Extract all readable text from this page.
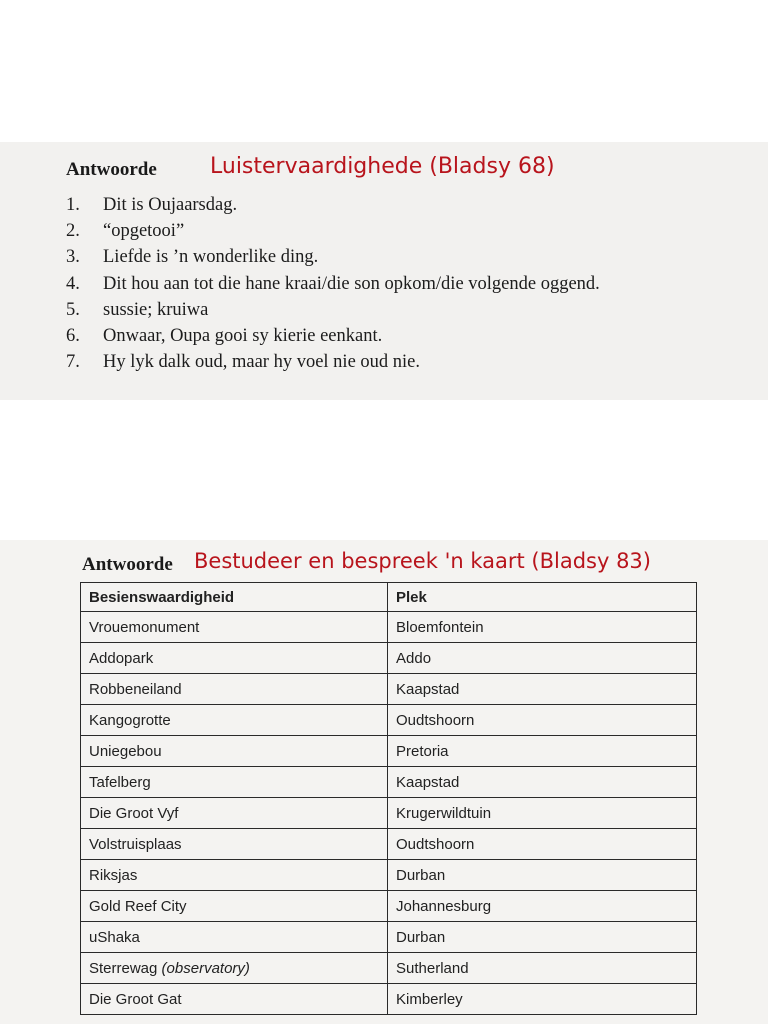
Antwoorde Luistervaardighede (Bladsy 68)
1. Dit is Oujaarsdag.
2. “opgetooi”
3. Liefde is ’n wonderlike ding.
4. Dit hou aan tot die hane kraai/die son opkom/die volgende oggend.
5. sussie; kruiwa
6. Onwaar, Oupa gooi sy kierie eenkant.
7. Hy lyk dalk oud, maar hy voel nie oud nie.
Antwoorde Bestudeer en bespreek 'n kaart (Bladsy 83)
Besienswaardigheid	Plek
Vrouemonument	Bloemfontein
Addopark	Addo
Robbeneiland	Kaapstad
Kangogrotte	Oudtshoorn
Uniegebou	Pretoria
Tafelberg	Kaapstad
Die Groot Vyf	Krugerwildtuin
Volstruisplaas	Oudtshoorn
Riksjas	Durban
Gold Reef City	Johannesburg
uShaka	Durban
Sterrewag (observatory)	Sutherland
Die Groot Gat	Kimberley
